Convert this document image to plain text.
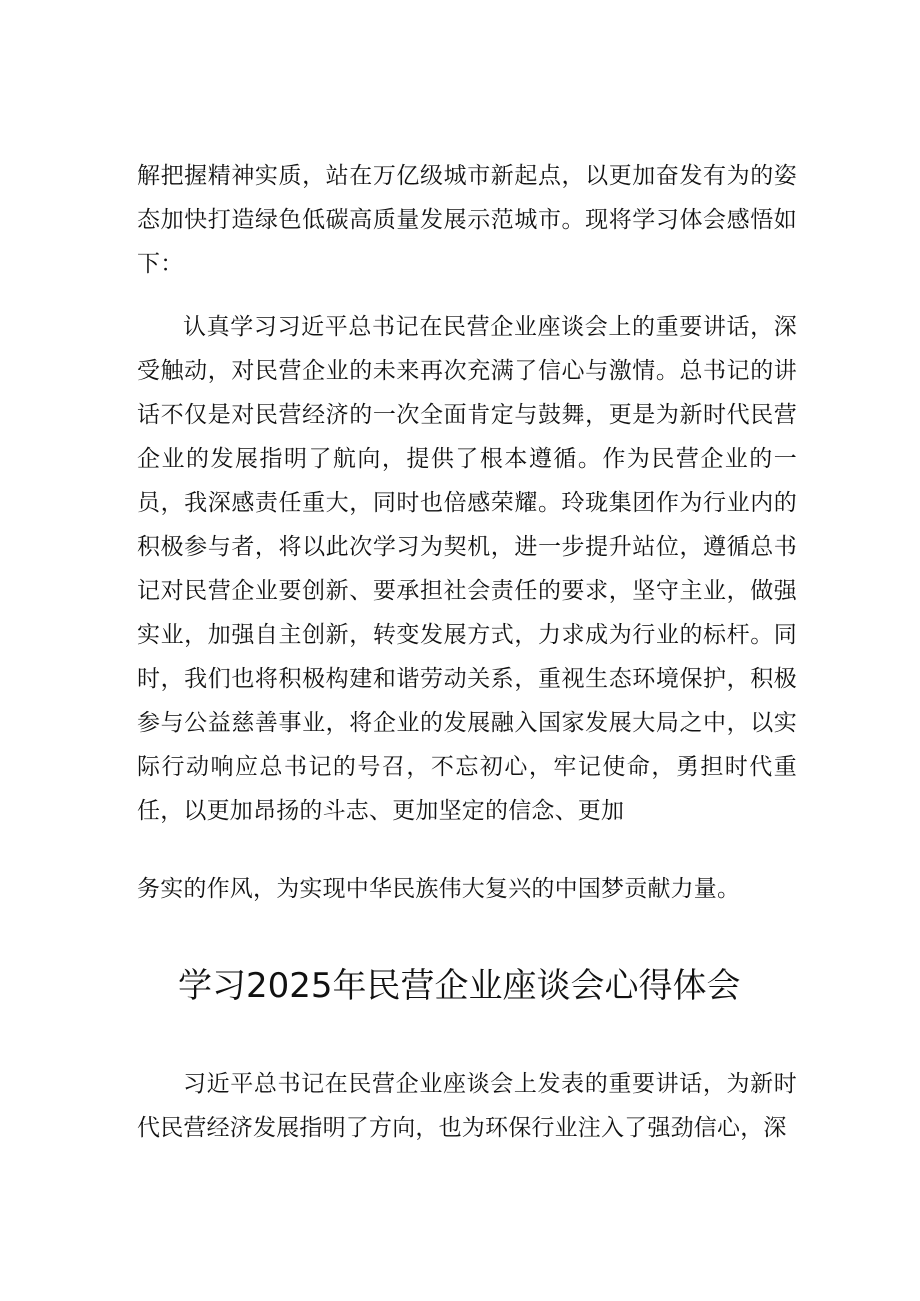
解把握精神实质，站在万亿级城市新起点，以更加奋发有为的姿态加快打造绿色低碳高质量发展示范城市。现将学习体会感悟如下：

认真学习习近平总书记在民营企业座谈会上的重要讲话，深受触动，对民营企业的未来再次充满了信心与激情。总书记的讲话不仅是对民营经济的一次全面肯定与鼓舞，更是为新时代民营企业的发展指明了航向，提供了根本遵循。作为民营企业的一员，我深感责任重大，同时也倍感荣耀。玲珑集团作为行业内的积极参与者，将以此次学习为契机，进一步提升站位，遵循总书记对民营企业要创新、要承担社会责任的要求，坚守主业，做强实业，加强自主创新，转变发展方式，力求成为行业的标杆。同时，我们也将积极构建和谐劳动关系，重视生态环境保护，积极参与公益慈善事业，将企业的发展融入国家发展大局之中，以实际行动响应总书记的号召，不忘初心，牢记使命，勇担时代重任，以更加昂扬的斗志、更加坚定的信念、更加

务实的作风，为实现中华民族伟大复兴的中国梦贡献力量。

学习2025年民营企业座谈会心得体会

习近平总书记在民营企业座谈会上发表的重要讲话，为新时代民营经济发展指明了方向，也为环保行业注入了强劲信心，深
